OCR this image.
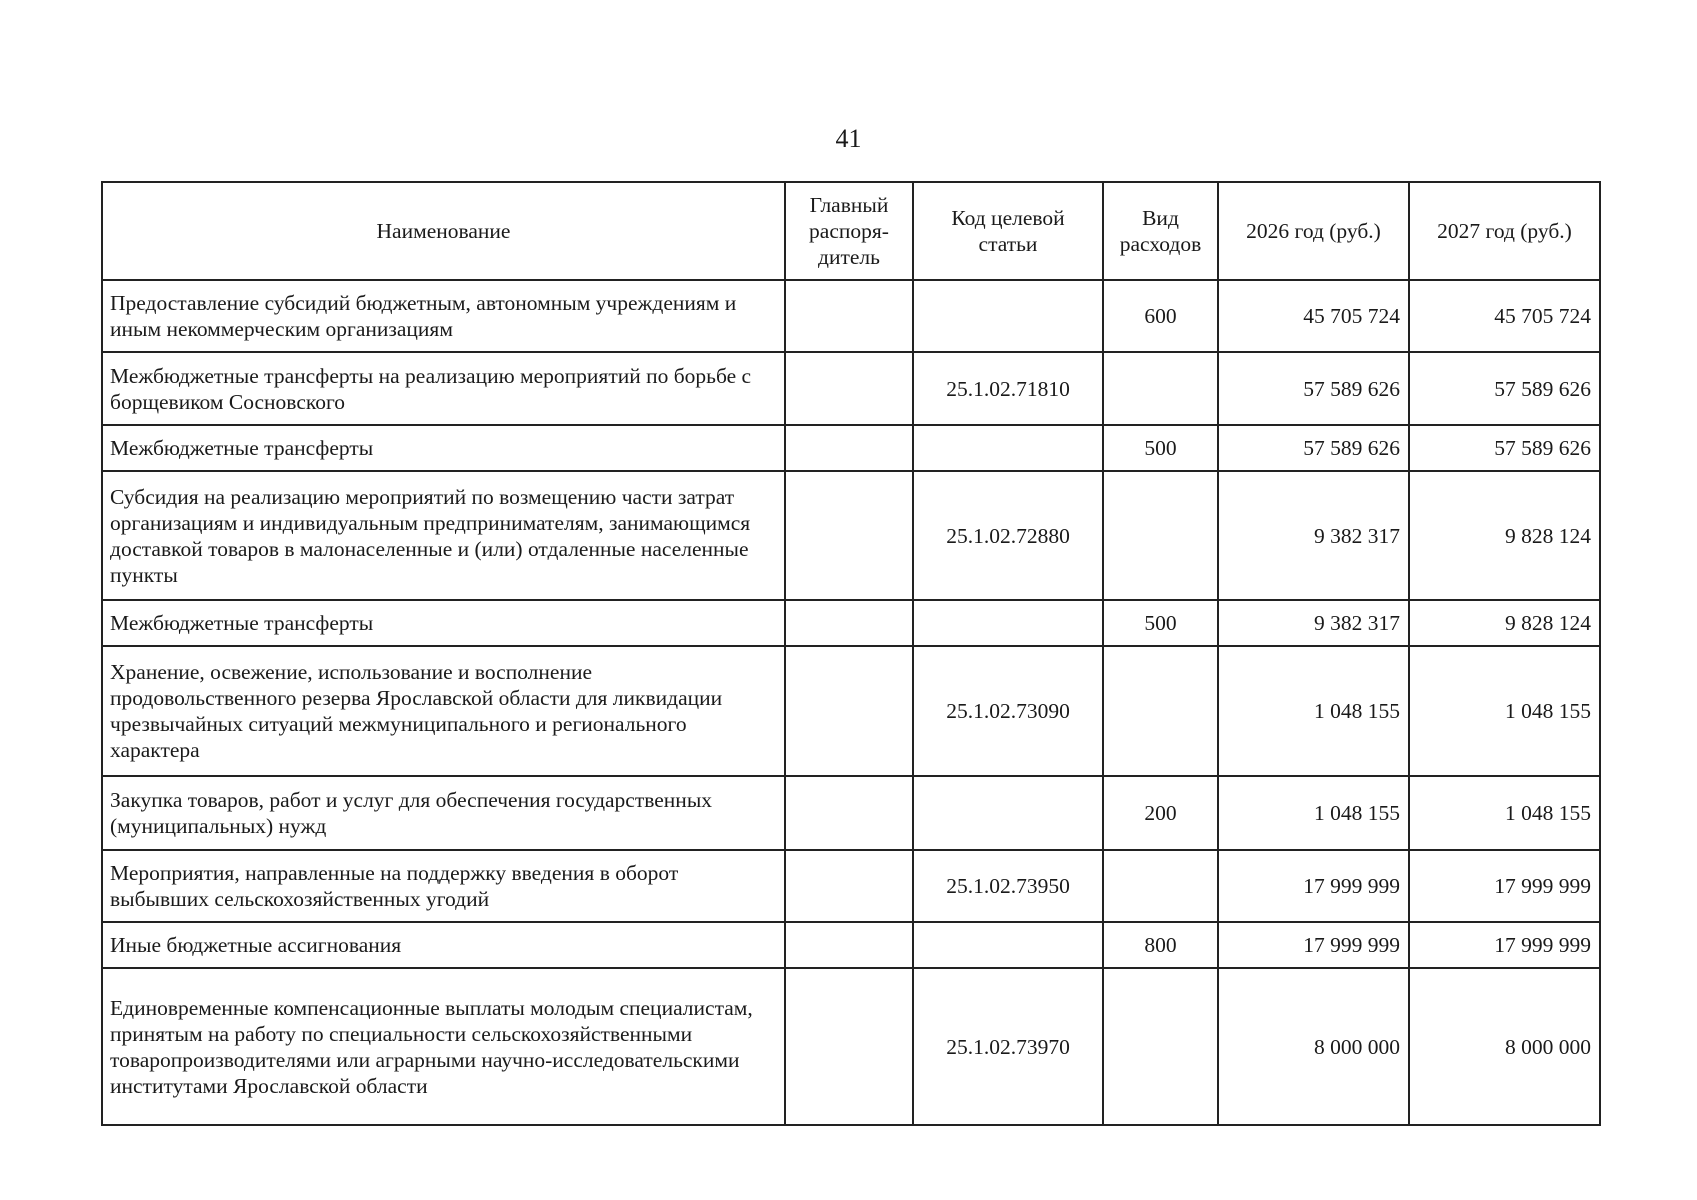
41
Наименование	Главный распоря-дитель	Код целевой статьи	Вид расходов	2026 год (руб.)	2027 год (руб.)
Предоставление субсидий бюджетным, автономным учреждениям и иным некоммерческим организациям			600	45 705 724	45 705 724
Межбюджетные трансферты на реализацию мероприятий по борьбе с борщевиком Сосновского		25.1.02.71810		57 589 626	57 589 626
Межбюджетные трансферты			500	57 589 626	57 589 626
Субсидия на реализацию мероприятий по возмещению части затрат организациям и индивидуальным предпринимателям, занимающимся доставкой товаров в малонаселенные и (или) отдаленные населенные пункты		25.1.02.72880		9 382 317	9 828 124
Межбюджетные трансферты			500	9 382 317	9 828 124
Хранение, освежение, использование и восполнение продовольственного резерва Ярославской области для ликвидации чрезвычайных ситуаций межмуниципального и регионального характера		25.1.02.73090		1 048 155	1 048 155
Закупка товаров, работ и услуг для обеспечения государственных (муниципальных) нужд			200	1 048 155	1 048 155
Мероприятия, направленные на поддержку введения в оборот выбывших сельскохозяйственных угодий		25.1.02.73950		17 999 999	17 999 999
Иные бюджетные ассигнования			800	17 999 999	17 999 999
Единовременные компенсационные выплаты молодым специалистам, принятым на работу по специальности сельскохозяйственными товаропроизводителями или аграрными научно-исследовательскими институтами Ярославской области		25.1.02.73970		8 000 000	8 000 000
